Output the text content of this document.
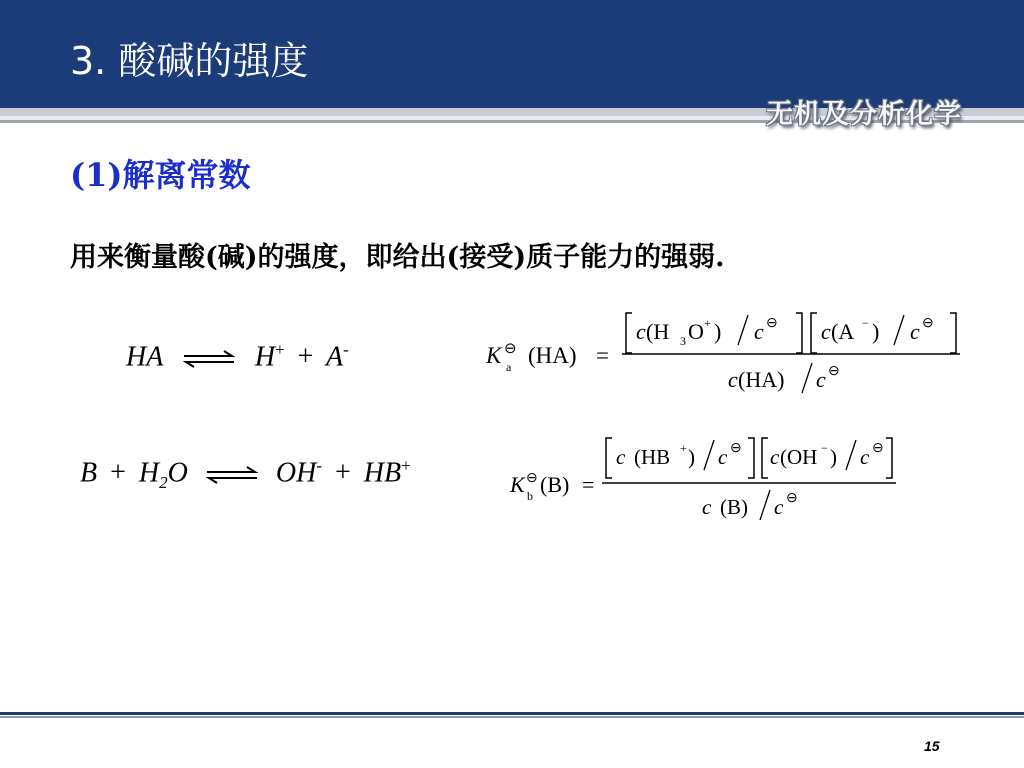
3. 酸碱的强度
无机及分析化学
(1)解离常数
用来衡量酸(碱)的强度，即给出(接受)质子能力的强弱.
HA ⇌ H+ + A-
$B + H_2O$ ⇌ OH- + HB+
K ⊖
a (HA) =
c (H 3 O + ) c ⊖ c (A − ) c ⊖
c (HA) c ⊖
K ⊖
b (B) =
c (HB + ) c ⊖ c (OH − ) c ⊖
c (B) c ⊖
15
